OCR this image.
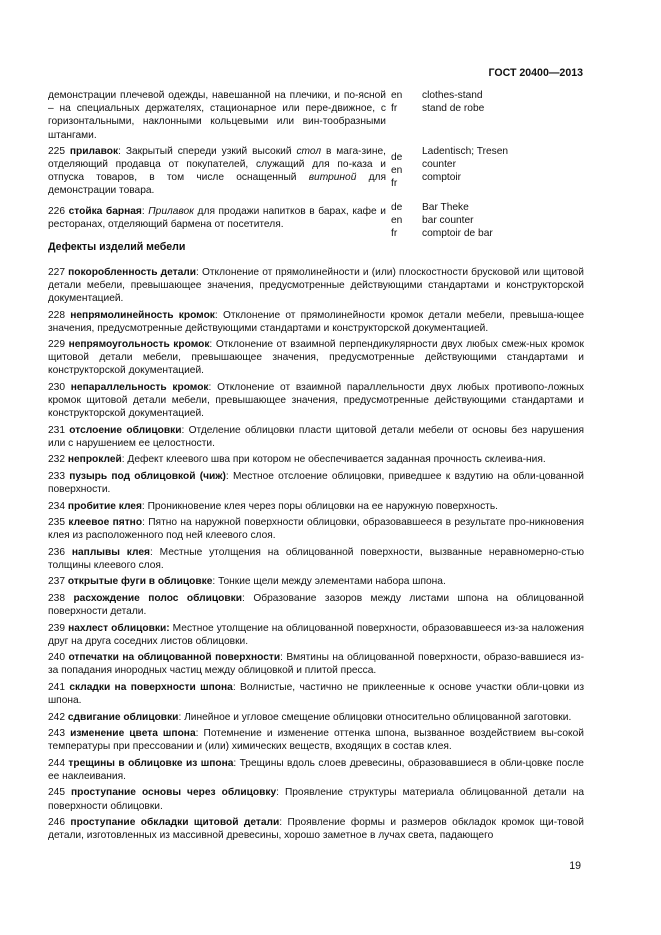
ГОСТ 20400—2013
демонстрации плечевой одежды, навешанной на плечики, и по-ясной – на специальных держателях, стационарное или пере-движное, с горизонтальными, наклонными кольцевыми или вин-тообразными штангами.
en
fr
clothes-stand
stand de robe
225 прилавок: Закрытый спереди узкий высокий стол в мага-зине, отделяющий продавца от покупателей, служащий для по-каза и отпуска товаров, в том числе оснащенный витриной для демонстрации товара.
de
en
fr
Ladentisch; Tresen
counter
comptoir
226 стойка барная: Прилавок для продажи напитков в барах, кафе и ресторанах, отделяющий бармена от посетителя.
de
en
fr
Bar Theke
bar counter
comptoir de bar
Дефекты изделий мебели

227 покоробленность детали: Отклонение от прямолинейности и (или) плоскостности брусковой или щитовой детали мебели, превышающее значения, предусмотренные действующими стандартами и конструкторской документацией.

228 непрямолинейность кромок: Отклонение от прямолинейности кромок детали мебели, превыша-ющее значения, предусмотренные действующими стандартами и конструкторской документацией.

229 непрямоугольность кромок: Отклонение от взаимной перпендикулярности двух любых смеж-ных кромок щитовой детали мебели, превышающее значения, предусмотренные действующими стандартами и конструкторской документацией.

230 непараллельность кромок: Отклонение от взаимной параллельности двух любых противопо-ложных кромок щитовой детали мебели, превышающее значения, предусмотренные действующими стандартами и конструкторской документацией.

231 отслоение облицовки: Отделение облицовки пласти щитовой детали мебели от основы без нарушения или с нарушением ее целостности.

232 непроклей: Дефект клеевого шва при котором не обеспечивается заданная прочность склеива-ния.

233 пузырь под облицовкой (чиж): Местное отслоение облицовки, приведшее к вздутию на обли-цованной поверхности.

234 пробитие клея: Проникновение клея через поры облицовки на ее наружную поверхность.

235 клеевое пятно: Пятно на наружной поверхности облицовки, образовавшееся в результате про-никновения клея из расположенного под ней клеевого слоя.

236 наплывы клея: Местные утолщения на облицованной поверхности, вызванные неравномерно-стью толщины клеевого слоя.

237 открытые фуги в облицовке: Тонкие щели между элементами набора шпона.

238 расхождение полос облицовки: Образование зазоров между листами шпона на облицованной поверхности детали.

239 нахлест облицовки: Местное утолщение на облицованной поверхности, образовавшееся из-за наложения друг на друга соседних листов облицовки.

240 отпечатки на облицованной поверхности: Вмятины на облицованной поверхности, образо-вавшиеся из-за попадания инородных частиц между облицовкой и плитой пресса.

241 складки на поверхности шпона: Волнистые, частично не приклеенные к основе участки обли-цовки из шпона.

242 сдвигание облицовки: Линейное и угловое смещение облицовки относительно облицованной заготовки.

243 изменение цвета шпона: Потемнение и изменение оттенка шпона, вызванное воздействием вы-сокой температуры при прессовании и (или) химических веществ, входящих в состав клея.

244 трещины в облицовке из шпона: Трещины вдоль слоев древесины, образовавшиеся в обли-цовке после ее наклеивания.

245 проступание основы через облицовку: Проявление структуры материала облицованной детали на поверхности облицовки.

246 проступание обкладки щитовой детали: Проявление формы и размеров обкладок кромок щи-товой детали, изготовленных из массивной древесины, хорошо заметное в лучах света, падающего

19
